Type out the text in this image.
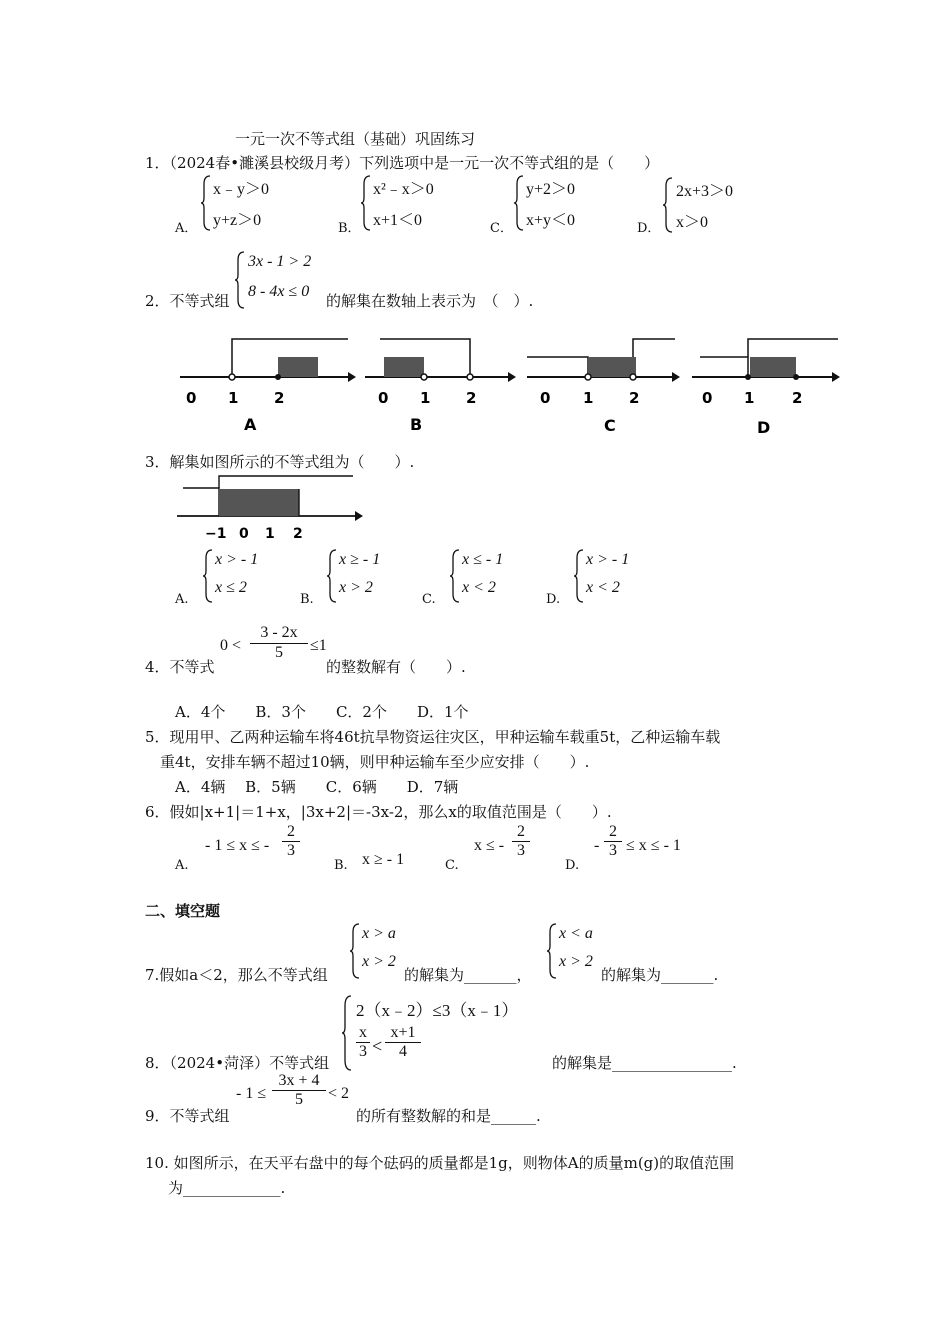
一元一次不等式组（基础）巩固练习
1．（2024春•濉溪县校级月考）下列选项中是一元一次不等式组的是（　　）
A．
x﹣y＞0
y+z＞0	B．
x²﹣x＞0
x+1＜0	C．
y+2＞0
x+y＜0	D．
2x+3＞0
x＞0
2．不等式组
3x - 1 > 2
8 - 4x ≤ 0
的解集在数轴上表示为　（　）.
0 1 2
A
0 1 2
B
0 1 2
C
0 1	2
D
3．解集如图所示的不等式组为（　　）.
−1 0 1 2
A.
x > - 1
x ≤ 2
B.
x ≥ - 1
x > 2
C.
x ≤ - 1
x < 2
D.
x > - 1
x < 2
4．不等式
0 <
3 - 2x
5	≤1
的整数解有（　　）.
A．4个　　B．3个　　C．2个　　D．1个
5．现用甲、乙两种运输车将46t抗旱物资运往灾区，甲种运输车载重5t，乙种运输车载
重4t，安排车辆不超过10辆，则甲种运输车至少应安排（　　）.
A．4辆　 B．5辆　　C．6辆　　D．7辆
6．假如|x+1|＝1+x，|3x+2|＝-3x-2，那么x的取值范围是（　　）.
A.
- 1 ≤ x ≤ -
2
3
B. x ≥ - 1	C.
x ≤ -
2
3
D.
-
2
3 ≤ x ≤ - 1
二、填空题
7.假如a＜2，那么不等式组
x > a
x > 2
的解集为_______，
x < a
x > 2
的解集为_______.
8．（2024•菏泽）不等式组
2（x﹣2）≤3（x﹣1）
x
3 <
x+1
4
的解集是________________.
9．不等式组
- 1 ≤
3x + 4
5	< 2
的所有整数解的和是______.
10. 如图所示，在天平右盘中的每个砝码的质量都是1g，则物体A的质量m(g)的取值范围
为_____________.
